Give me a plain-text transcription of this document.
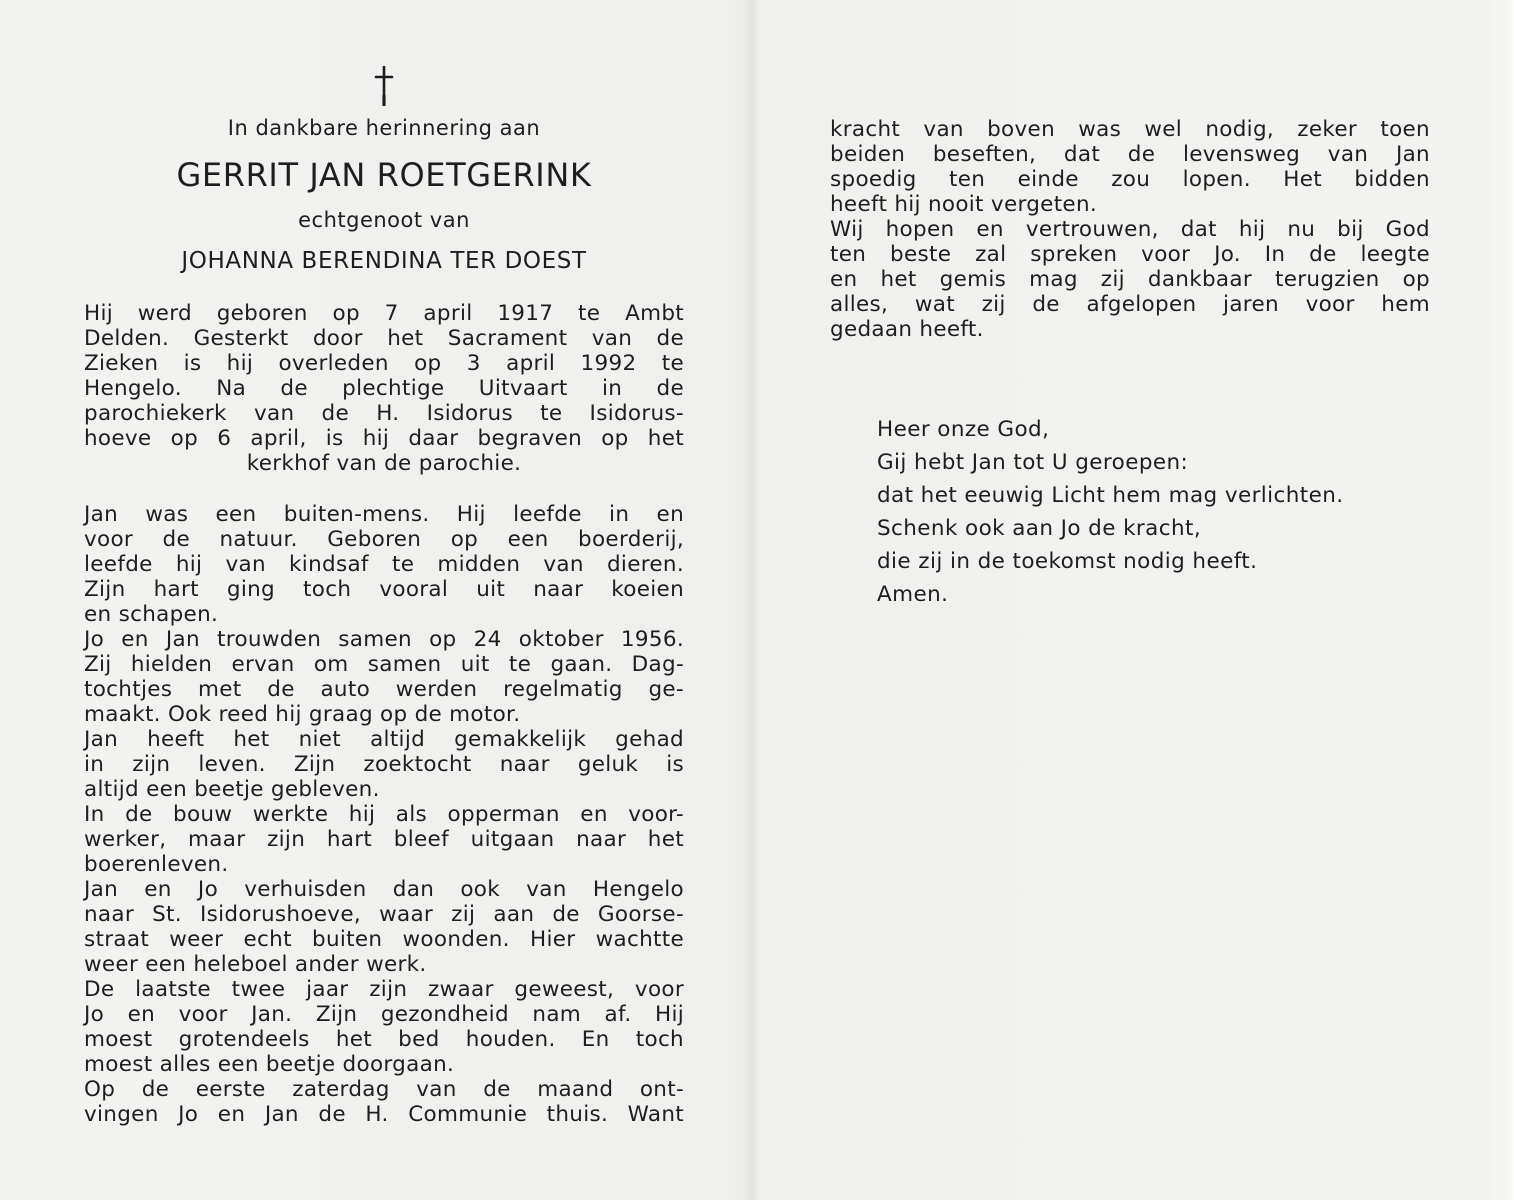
In dankbare herinnering aan
GERRIT JAN ROETGERINK
echtgenoot van
JOHANNA BERENDINA TER DOEST
Hij werd geboren op 7 april 1917 te Ambt
Delden. Gesterkt door het Sacrament van de
Zieken is hij overleden op 3 april 1992 te
Hengelo. Na de plechtige Uitvaart in de
parochiekerk van de H. Isidorus te Isidorus-
hoeve op 6 april, is hij daar begraven op het
kerkhof van de parochie.
Jan was een buiten-mens. Hij leefde in en
voor de natuur. Geboren op een boerderij,
leefde hij van kindsaf te midden van dieren.
Zijn hart ging toch vooral uit naar koeien
en schapen.
Jo en Jan trouwden samen op 24 oktober 1956.
Zij hielden ervan om samen uit te gaan. Dag-
tochtjes met de auto werden regelmatig ge-
maakt. Ook reed hij graag op de motor.
Jan heeft het niet altijd gemakkelijk gehad
in zijn leven. Zijn zoektocht naar geluk is
altijd een beetje gebleven.
In de bouw werkte hij als opperman en voor-
werker, maar zijn hart bleef uitgaan naar het
boerenleven.
Jan en Jo verhuisden dan ook van Hengelo
naar St. Isidorushoeve, waar zij aan de Goorse-
straat weer echt buiten woonden. Hier wachtte
weer een heleboel ander werk.
De laatste twee jaar zijn zwaar geweest, voor
Jo en voor Jan. Zijn gezondheid nam af. Hij
moest grotendeels het bed houden. En toch
moest alles een beetje doorgaan.
Op de eerste zaterdag van de maand ont-
vingen Jo en Jan de H. Communie thuis. Want
kracht van boven was wel nodig, zeker toen
beiden beseften, dat de levensweg van Jan
spoedig ten einde zou lopen. Het bidden
heeft hij nooit vergeten.
Wij hopen en vertrouwen, dat hij nu bij God
ten beste zal spreken voor Jo. In de leegte
en het gemis mag zij dankbaar terugzien op
alles, wat zij de afgelopen jaren voor hem
gedaan heeft.
Heer onze God,
Gij hebt Jan tot U geroepen:
dat het eeuwig Licht hem mag verlichten.
Schenk ook aan Jo de kracht,
die zij in de toekomst nodig heeft.
Amen.
